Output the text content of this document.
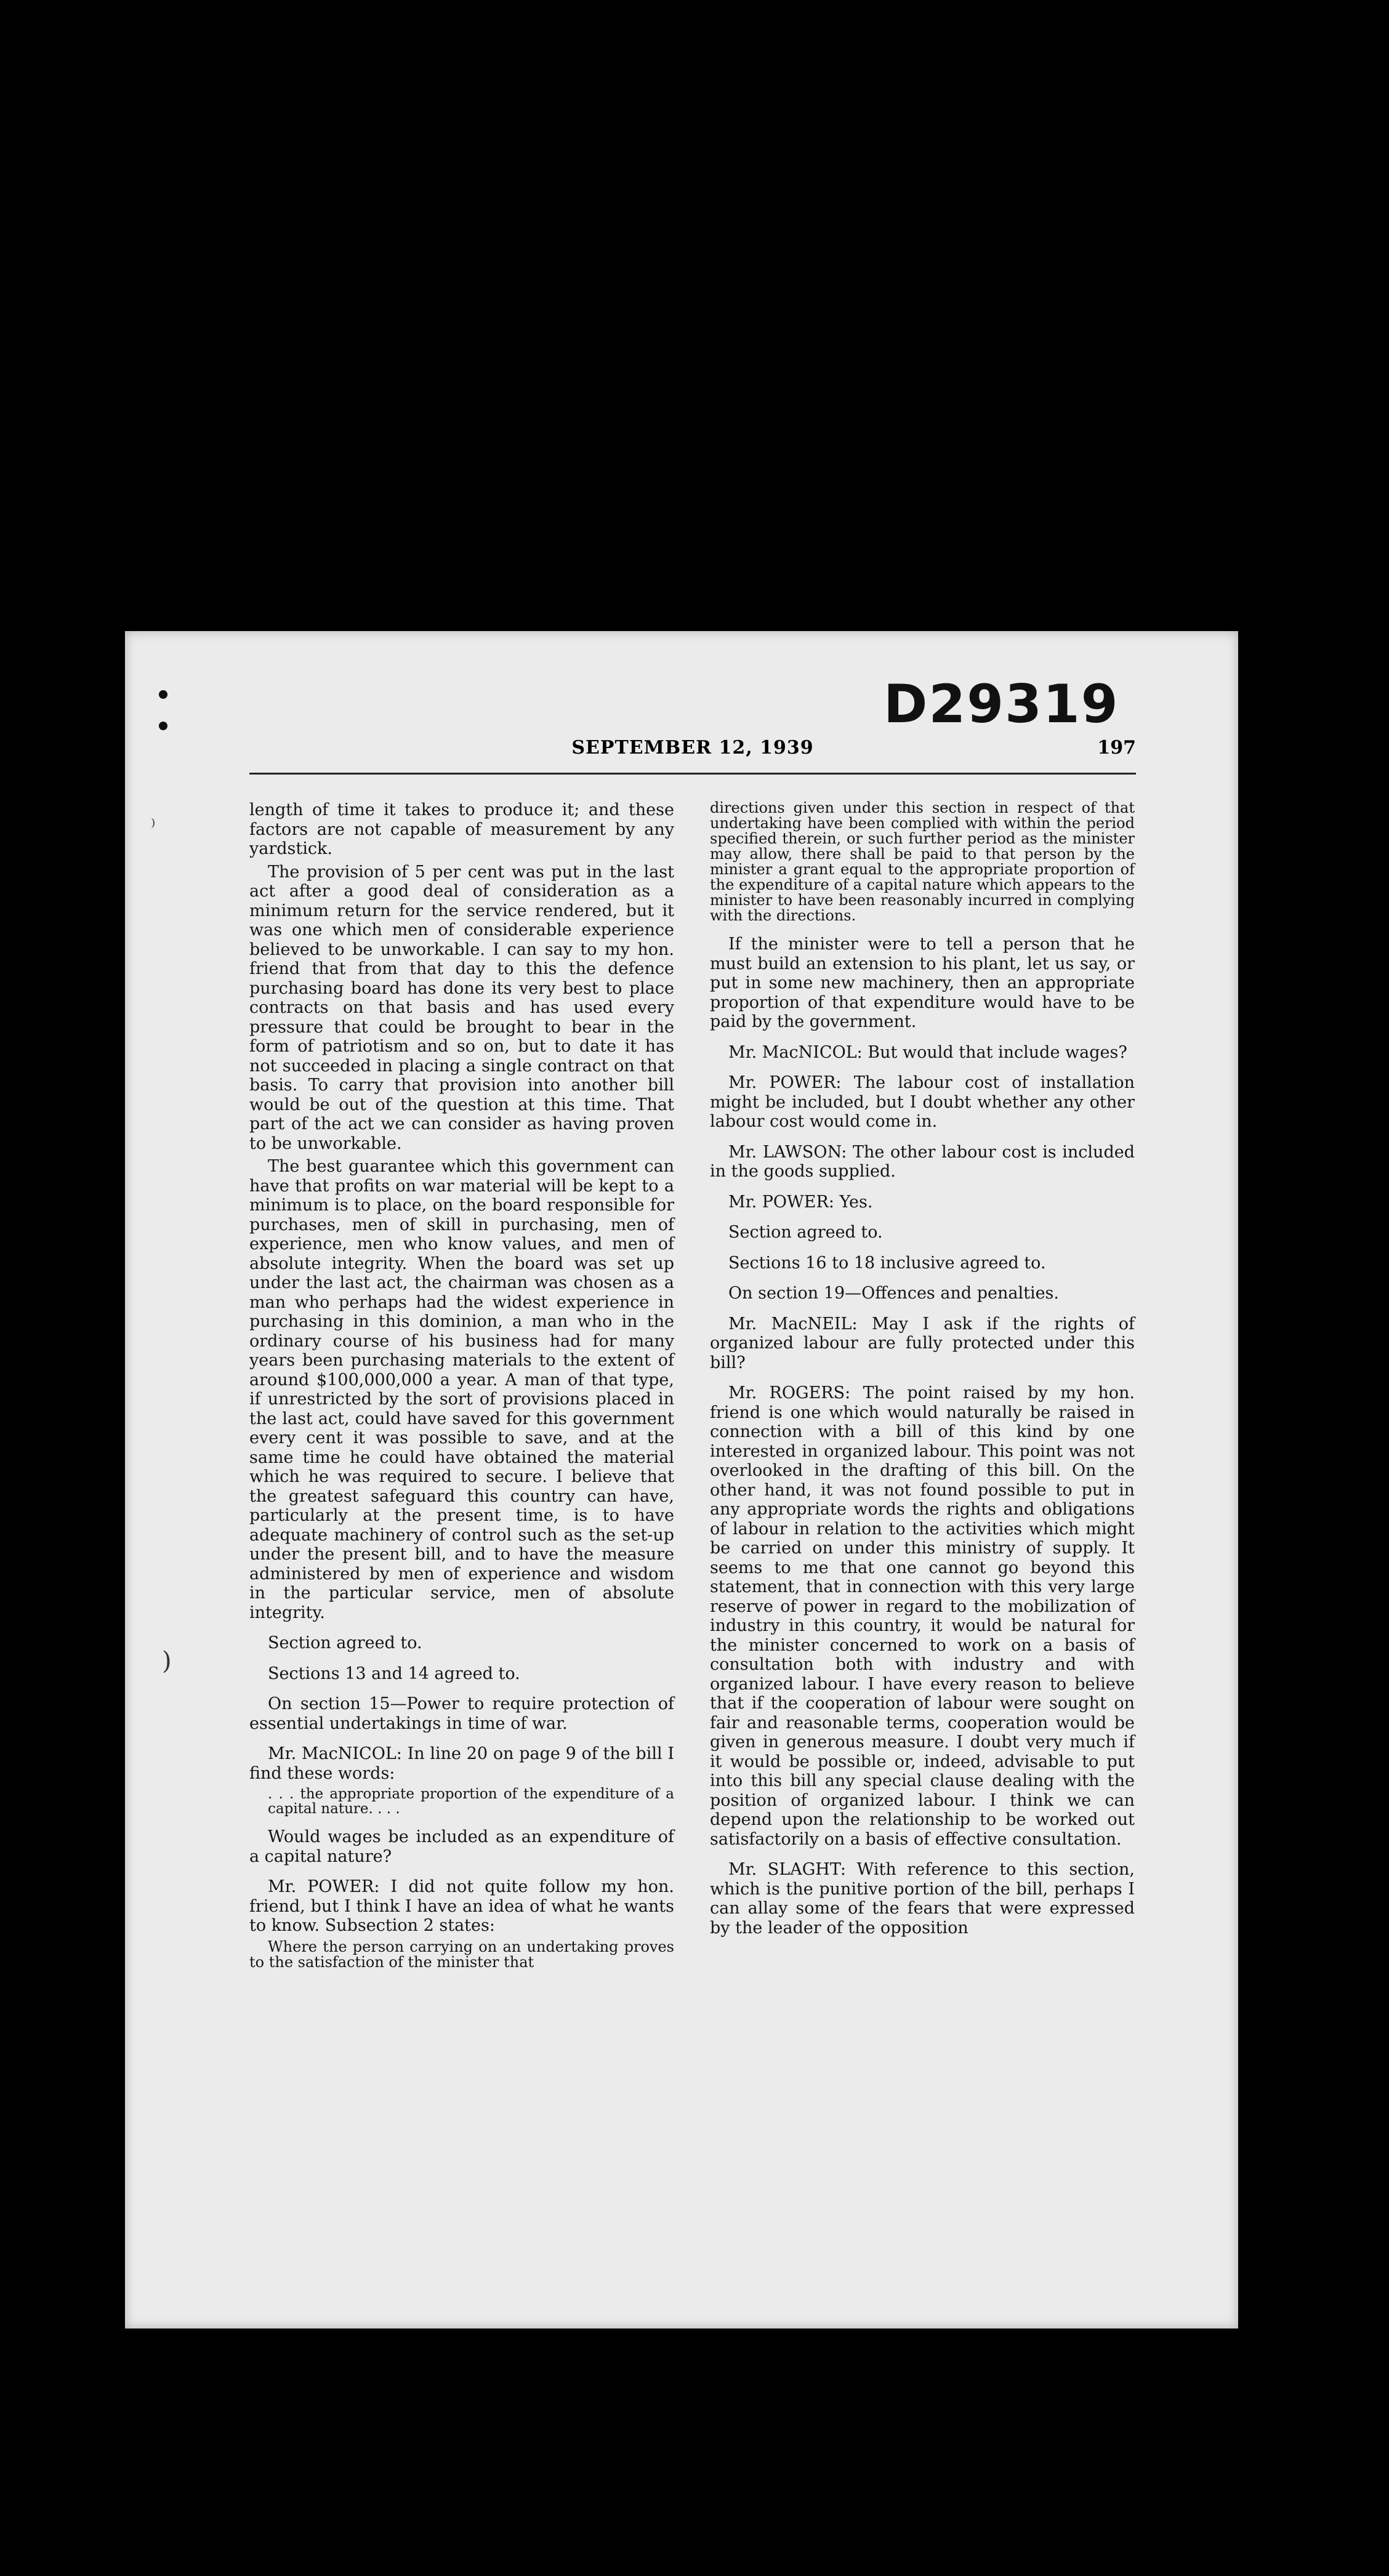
⁾
)
D29319
SEPTEMBER 12, 1939	197

length of time it takes to produce it; and these factors are not capable of measurement by any yardstick.

The provision of 5 per cent was put in the last act after a good deal of consideration as a minimum return for the service rendered, but it was one which men of considerable experience believed to be unworkable. I can say to my hon. friend that from that day to this the defence purchasing board has done its very best to place contracts on that basis and has used every pressure that could be brought to bear in the form of patriotism and so on, but to date it has not succeeded in placing a single contract on that basis. To carry that provision into another bill would be out of the question at this time. That part of the act we can consider as having proven to be unworkable.

The best guarantee which this government can have that profits on war material will be kept to a minimum is to place, on the board responsible for purchases, men of skill in purchasing, men of experience, men who know values, and men of absolute integrity. When the board was set up under the last act, the chairman was chosen as a man who perhaps had the widest experience in purchasing in this dominion, a man who in the ordinary course of his business had for many years been purchasing materials to the extent of around $100,000,000 a year. A man of that type, if unrestricted by the sort of provisions placed in the last act, could have saved for this government every cent it was possible to save, and at the same time he could have obtained the material which he was required to secure. I believe that the greatest safeguard this country can have, particularly at the present time, is to have adequate machinery of control such as the set-up under the present bill, and to have the measure administered by men of experience and wisdom in the particular service, men of absolute integrity.

Section agreed to.

Sections 13 and 14 agreed to.

On section 15—Power to require protection of essential undertakings in time of war.

Mr. MacNICOL: In line 20 on page 9 of the bill I find these words:

. . . the appropriate proportion of the expenditure of a capital nature. . . .

Would wages be included as an expenditure of a capital nature?

Mr. POWER: I did not quite follow my hon. friend, but I think I have an idea of what he wants to know. Subsection 2 states:

Where the person carrying on an undertaking proves to the satisfaction of the minister that

directions given under this section in respect of that undertaking have been complied with within the period specified therein, or such further period as the minister may allow, there shall be paid to that person by the minister a grant equal to the appropriate proportion of the expenditure of a capital nature which appears to the minister to have been reasonably incurred in complying with the directions.

If the minister were to tell a person that he must build an extension to his plant, let us say, or put in some new machinery, then an appropriate proportion of that expenditure would have to be paid by the government.

Mr. MacNICOL: But would that include wages?

Mr. POWER: The labour cost of installation might be included, but I doubt whether any other labour cost would come in.

Mr. LAWSON: The other labour cost is included in the goods supplied.

Mr. POWER: Yes.

Section agreed to.

Sections 16 to 18 inclusive agreed to.

On section 19—Offences and penalties.

Mr. MacNEIL: May I ask if the rights of organized labour are fully protected under this bill?

Mr. ROGERS: The point raised by my hon. friend is one which would naturally be raised in connection with a bill of this kind by one interested in organized labour. This point was not overlooked in the drafting of this bill. On the other hand, it was not found possible to put in any appropriate words the rights and obligations of labour in relation to the activities which might be carried on under this ministry of supply. It seems to me that one cannot go beyond this statement, that in connection with this very large reserve of power in regard to the mobilization of industry in this country, it would be natural for the minister concerned to work on a basis of consultation both with industry and with organized labour. I have every reason to believe that if the cooperation of labour were sought on fair and reasonable terms, cooperation would be given in generous measure. I doubt very much if it would be possible or, indeed, advisable to put into this bill any special clause dealing with the position of organized labour. I think we can depend upon the relationship to be worked out satisfactorily on a basis of effective consultation.

Mr. SLAGHT: With reference to this section, which is the punitive portion of the bill, perhaps I can allay some of the fears that were expressed by the leader of the opposition
